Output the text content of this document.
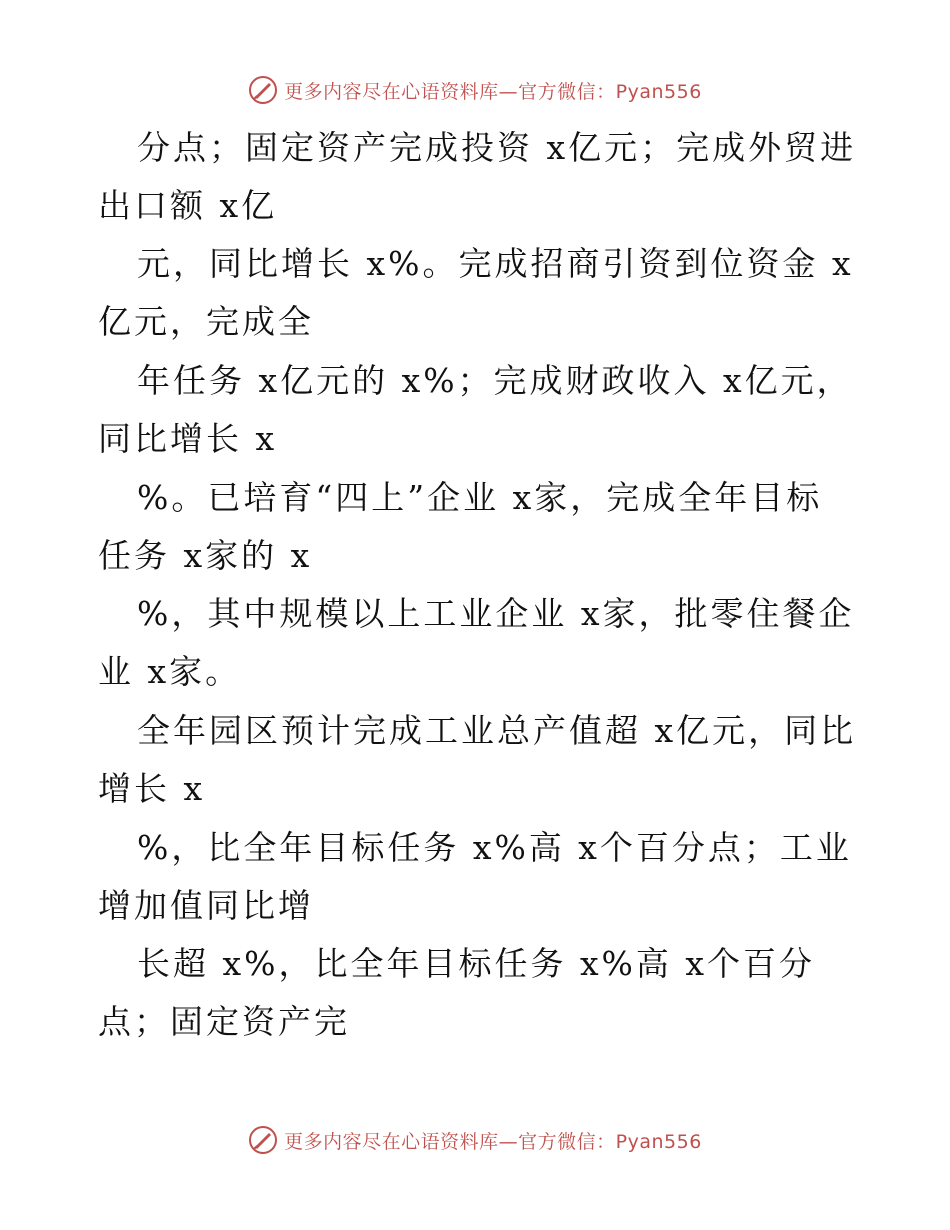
更多内容尽在心语资料库—官方微信：Pyan556
分点；固定资产完成投资 x亿元；完成外贸进
出口额 x亿
元，同比增长 x%。完成招商引资到位资金 x
亿元，完成全
年任务 x亿元的 x%；完成财政收入 x亿元，
同比增长 x
%。已培育“四上”企业 x家，完成全年目标
任务 x家的 x
%，其中规模以上工业企业 x家，批零住餐企
业 x家。
全年园区预计完成工业总产值超 x亿元，同比
增长 x
%，比全年目标任务 x%高 x个百分点；工业
增加值同比增
长超 x%，比全年目标任务 x%高 x个百分
点；固定资产完
更多内容尽在心语资料库—官方微信：Pyan556
